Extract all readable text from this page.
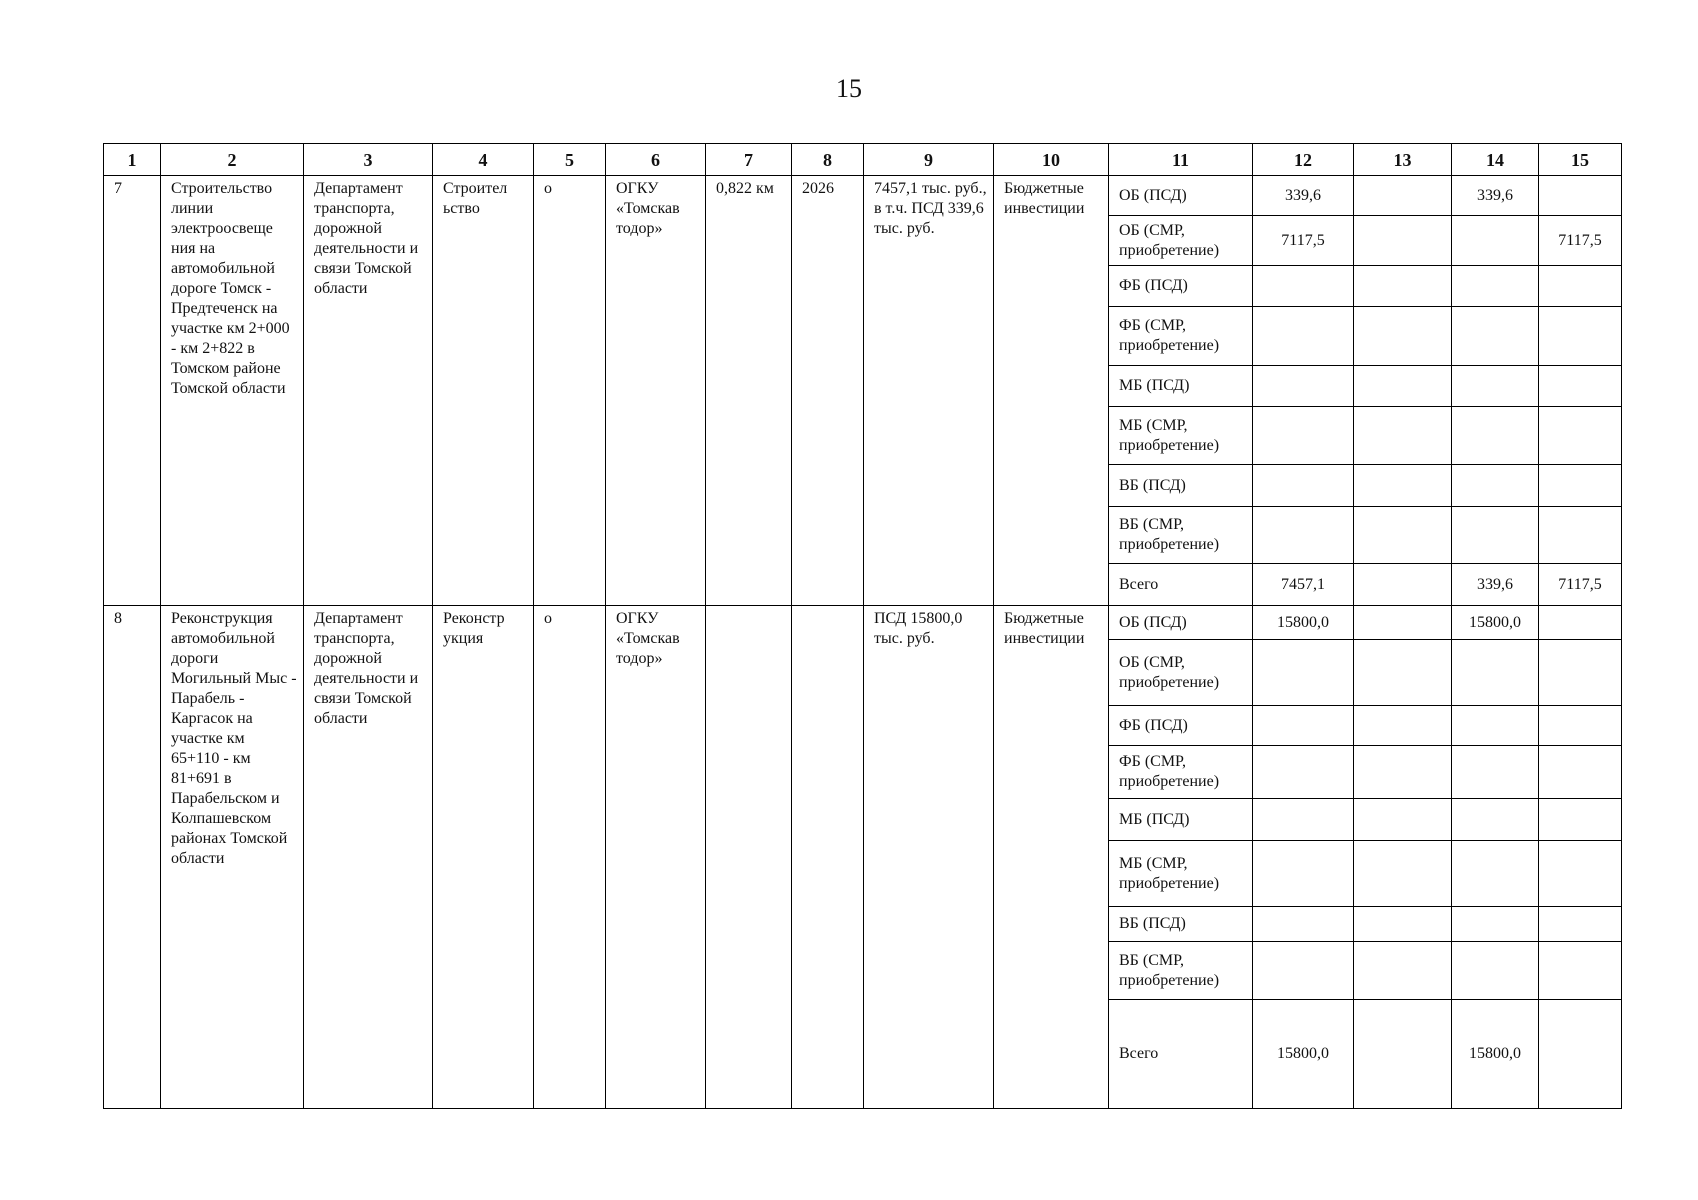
15
1	2	3	4	5	6	7	8	9	10	11	12	13	14	15

7	Строительство линии электроосвеще ния на автомобильной дороге Томск - Предтеченск на участке км 2+000 - км 2+822 в Томском районе Томской области	Департамент транспорта, дорожной деятельности и связи Томской области	Строител ьство	о	ОГКУ «Томскав тодор»	0,822 км	2026	7457,1 тыс. руб., в т.ч. ПСД 339,6 тыс. руб.	Бюджетные инвестиции	ОБ (ПСД)	339,6		339,6	

ОБ (СМР, приобретение)	7117,5			7117,5

ФБ (ПСД)				

ФБ (СМР, приобретение)				

МБ (ПСД)				

МБ (СМР, приобретение)				

ВБ (ПСД)				

ВБ (СМР, приобретение)				

Всего	7457,1		339,6	7117,5

8	Реконструкция автомобильной дороги Могильный Мыс - Парабель - Каргасок на участке км 65+110 - км 81+691 в Парабельском и Колпашевском районах Томской области	Департамент транспорта, дорожной деятельности и связи Томской области	Реконстр укция	о	ОГКУ «Томскав тодор»			ПСД 15800,0 тыс. руб.	Бюджетные инвестиции	ОБ (ПСД)	15800,0		15800,0	

ОБ (СМР, приобретение)				

ФБ (ПСД)				

ФБ (СМР, приобретение)				

МБ (ПСД)				

МБ (СМР, приобретение)				

ВБ (ПСД)				

ВБ (СМР, приобретение)				

Всего	15800,0		15800,0	
